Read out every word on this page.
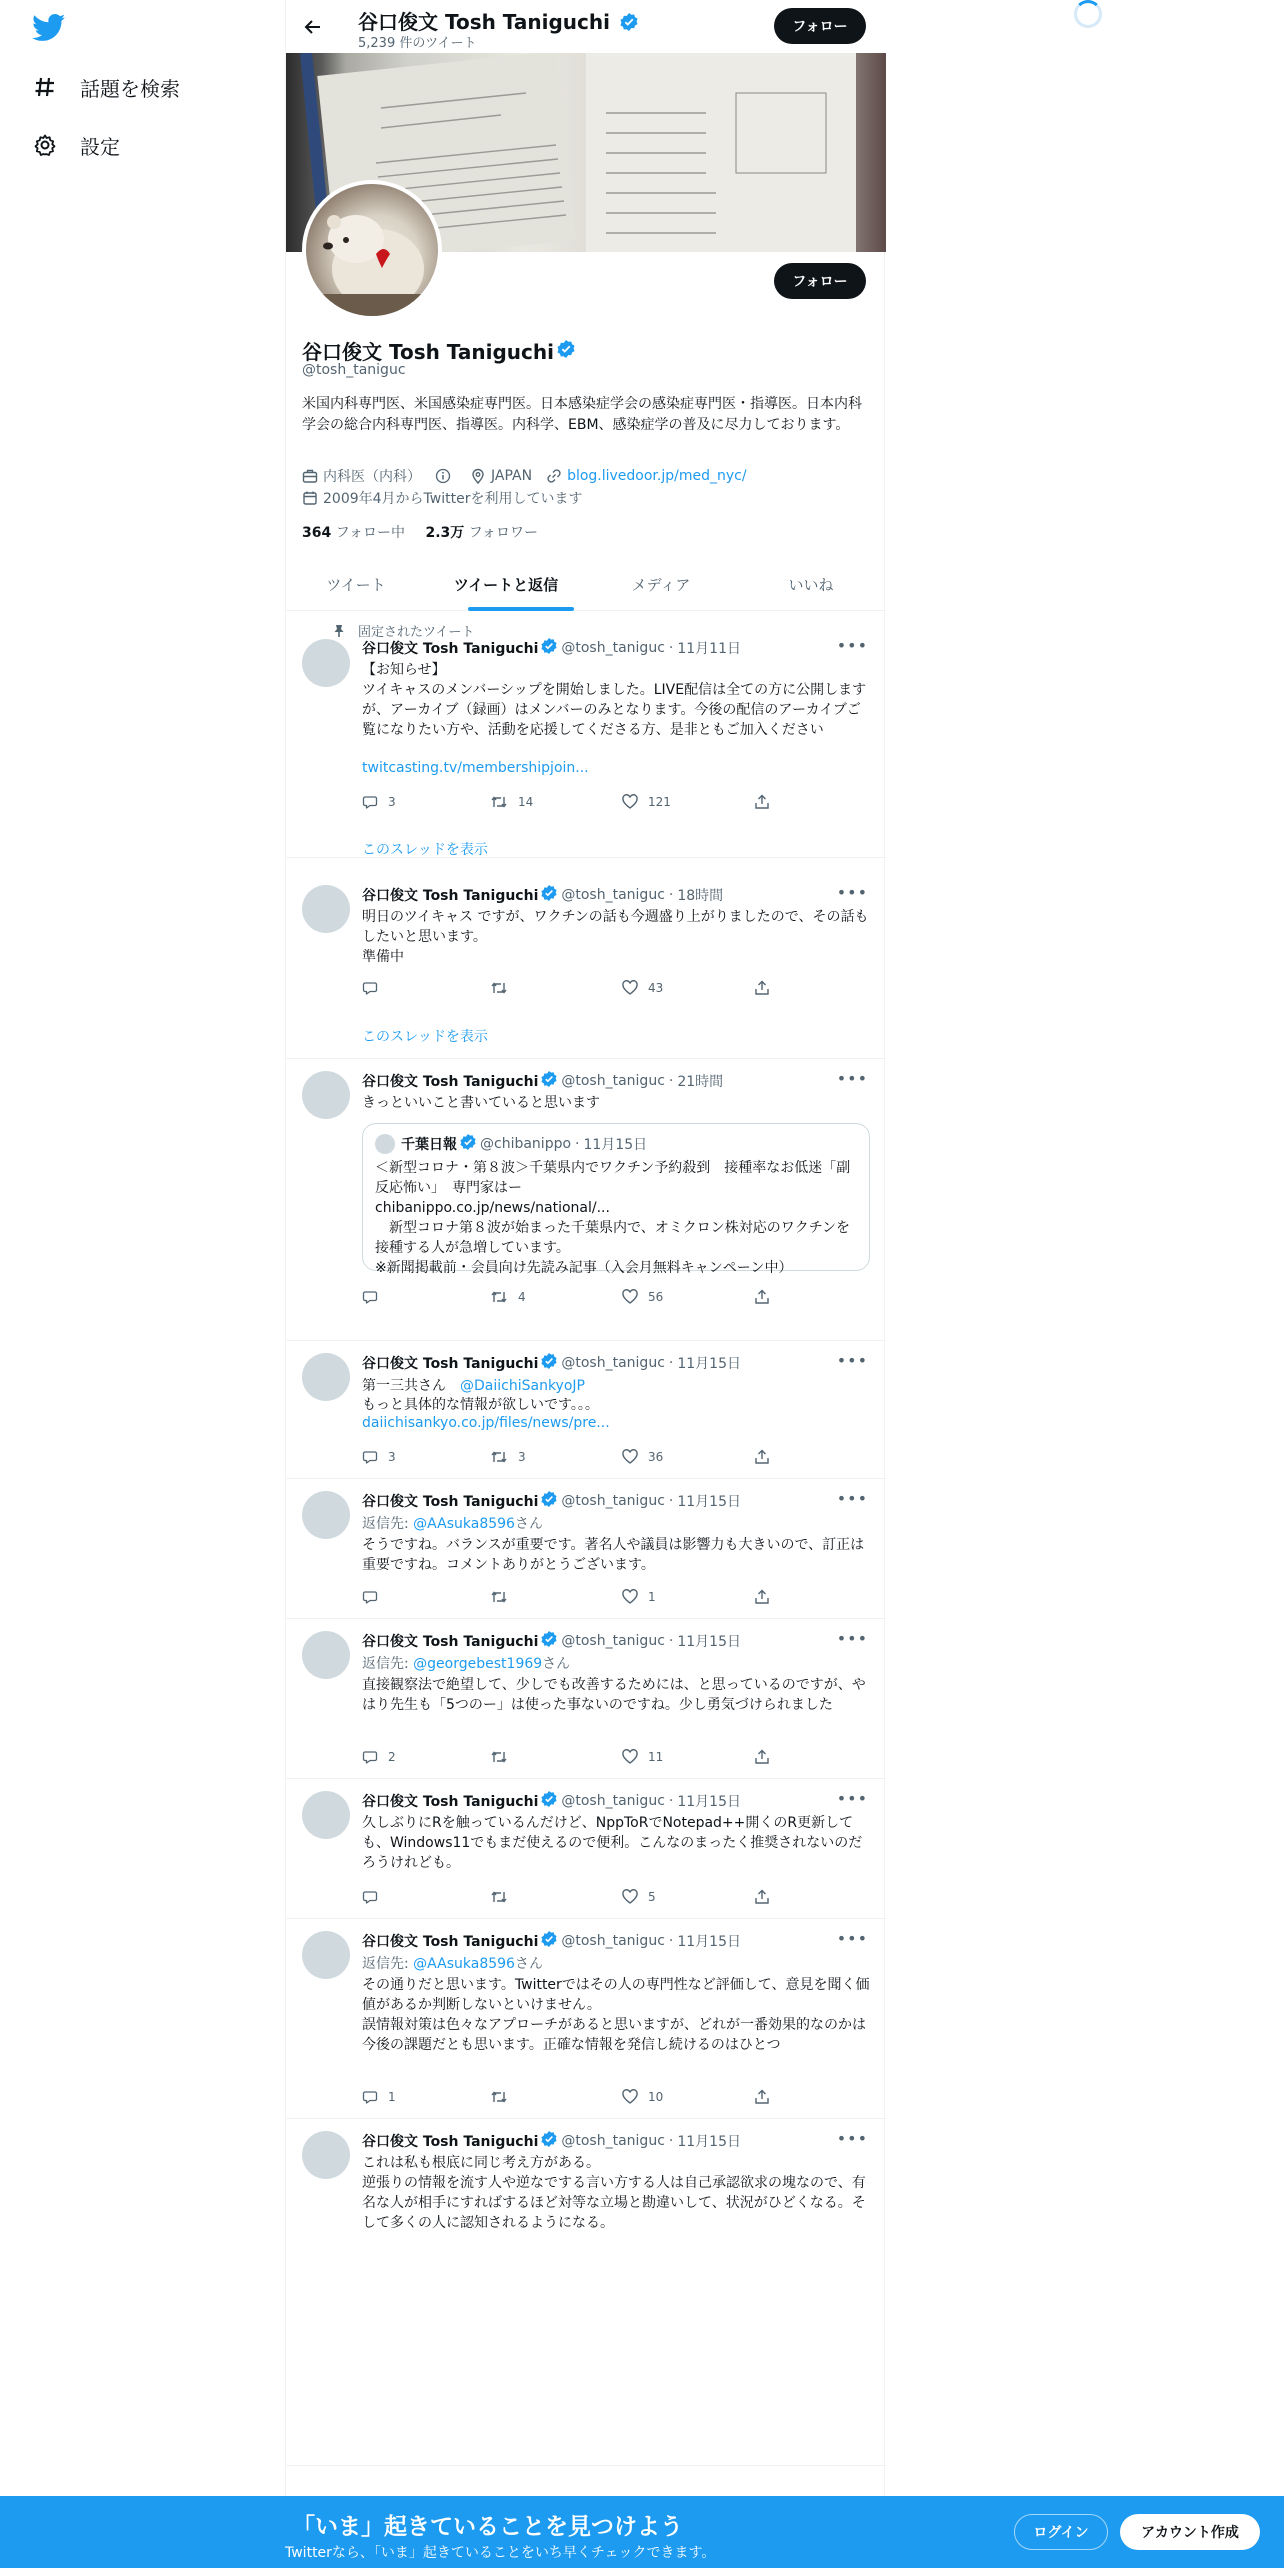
話題を検索
設定
谷口俊文 Tosh Taniguchi
5,239 件のツイート
フォロー
フォロー
谷口俊文 Tosh Taniguchi
@tosh_taniguc
米国内科専門医、米国感染症専門医。日本感染症学会の感染症専門医・指導医。日本内科学会の総合内科専門医、指導医。内科学、EBM、感染症学の普及に尽力しております。
内科医（内科）	JAPAN	blog.livedoor.jp/med_nyc/
2009年4月からTwitterを利用しています
364 フォロー中 2.3万 フォロワー
ツイート	ツイートと返信	メディア	いいね
固定されたツイート
谷口俊文 Tosh Taniguchi @tosh_taniguc · 11月11日	•••
【お知らせ】
ツイキャスのメンバーシップを開始しました。LIVE配信は全ての方に公開しますが、アーカイブ（録画）はメンバーのみとなります。今後の配信のアーカイブご覧になりたい方や、活動を応援してくださる方、是非ともご加入ください
twitcasting.tv/membershipjoin...
3	14	121
このスレッドを表示
谷口俊文 Tosh Taniguchi @tosh_taniguc · 18時間	•••
明日のツイキャス ですが、ワクチンの話も今週盛り上がりましたので、その話もしたいと思います。
準備中
43
このスレッドを表示
谷口俊文 Tosh Taniguchi @tosh_taniguc · 21時間	•••
きっといいこと書いていると思います
千葉日報 @chibanippo · 11月15日
＜新型コロナ・第８波＞千葉県内でワクチン予約殺到　接種率なお低迷「副反応怖い」　専門家はー
chibanippo.co.jp/news/national/...
　新型コロナ第８波が始まった千葉県内で、オミクロン株対応のワクチンを接種する人が急増しています。
※新聞掲載前・会員向け先読み記事（入会月無料キャンペーン中）
4	56
谷口俊文 Tosh Taniguchi @tosh_taniguc · 11月15日	•••
第一三共さん　@DaiichiSankyoJP
もっと具体的な情報が欲しいです。。。
daiichisankyo.co.jp/files/news/pre...
3	3	36
谷口俊文 Tosh Taniguchi @tosh_taniguc · 11月15日	•••
返信先: @AAsuka8596さん
そうですね。バランスが重要です。著名人や議員は影響力も大きいので、訂正は重要ですね。コメントありがとうございます。
1
谷口俊文 Tosh Taniguchi @tosh_taniguc · 11月15日	•••
返信先: @georgebest1969さん
直接観察法で絶望して、少しでも改善するためには、と思っているのですが、やはり先生も「5つのー」は使った事ないのですね。少し勇気づけられました
2	11
谷口俊文 Tosh Taniguchi @tosh_taniguc · 11月15日	•••
久しぶりにRを触っているんだけど、NppToRでNotepad++開くのR更新しても、Windows11でもまだ使えるので便利。こんなのまったく推奨されないのだろうけれども。
5
谷口俊文 Tosh Taniguchi @tosh_taniguc · 11月15日	•••
返信先: @AAsuka8596さん
その通りだと思います。Twitterではその人の専門性など評価して、意見を聞く価値があるか判断しないといけません。
誤情報対策は色々なアプローチがあると思いますが、どれが一番効果的なのかは今後の課題だとも思います。正確な情報を発信し続けるのはひとつ
1	10
谷口俊文 Tosh Taniguchi @tosh_taniguc · 11月15日	•••
これは私も根底に同じ考え方がある。
逆張りの情報を流す人や逆なでする言い方する人は自己承認欲求の塊なので、有名な人が相手にすればするほど対等な立場と勘違いして、状況がひどくなる。そして多くの人に認知されるようになる。
「いま」起きていることを見つけよう
Twitterなら、「いま」起きていることをいち早くチェックできます。
ログイン	アカウント作成
